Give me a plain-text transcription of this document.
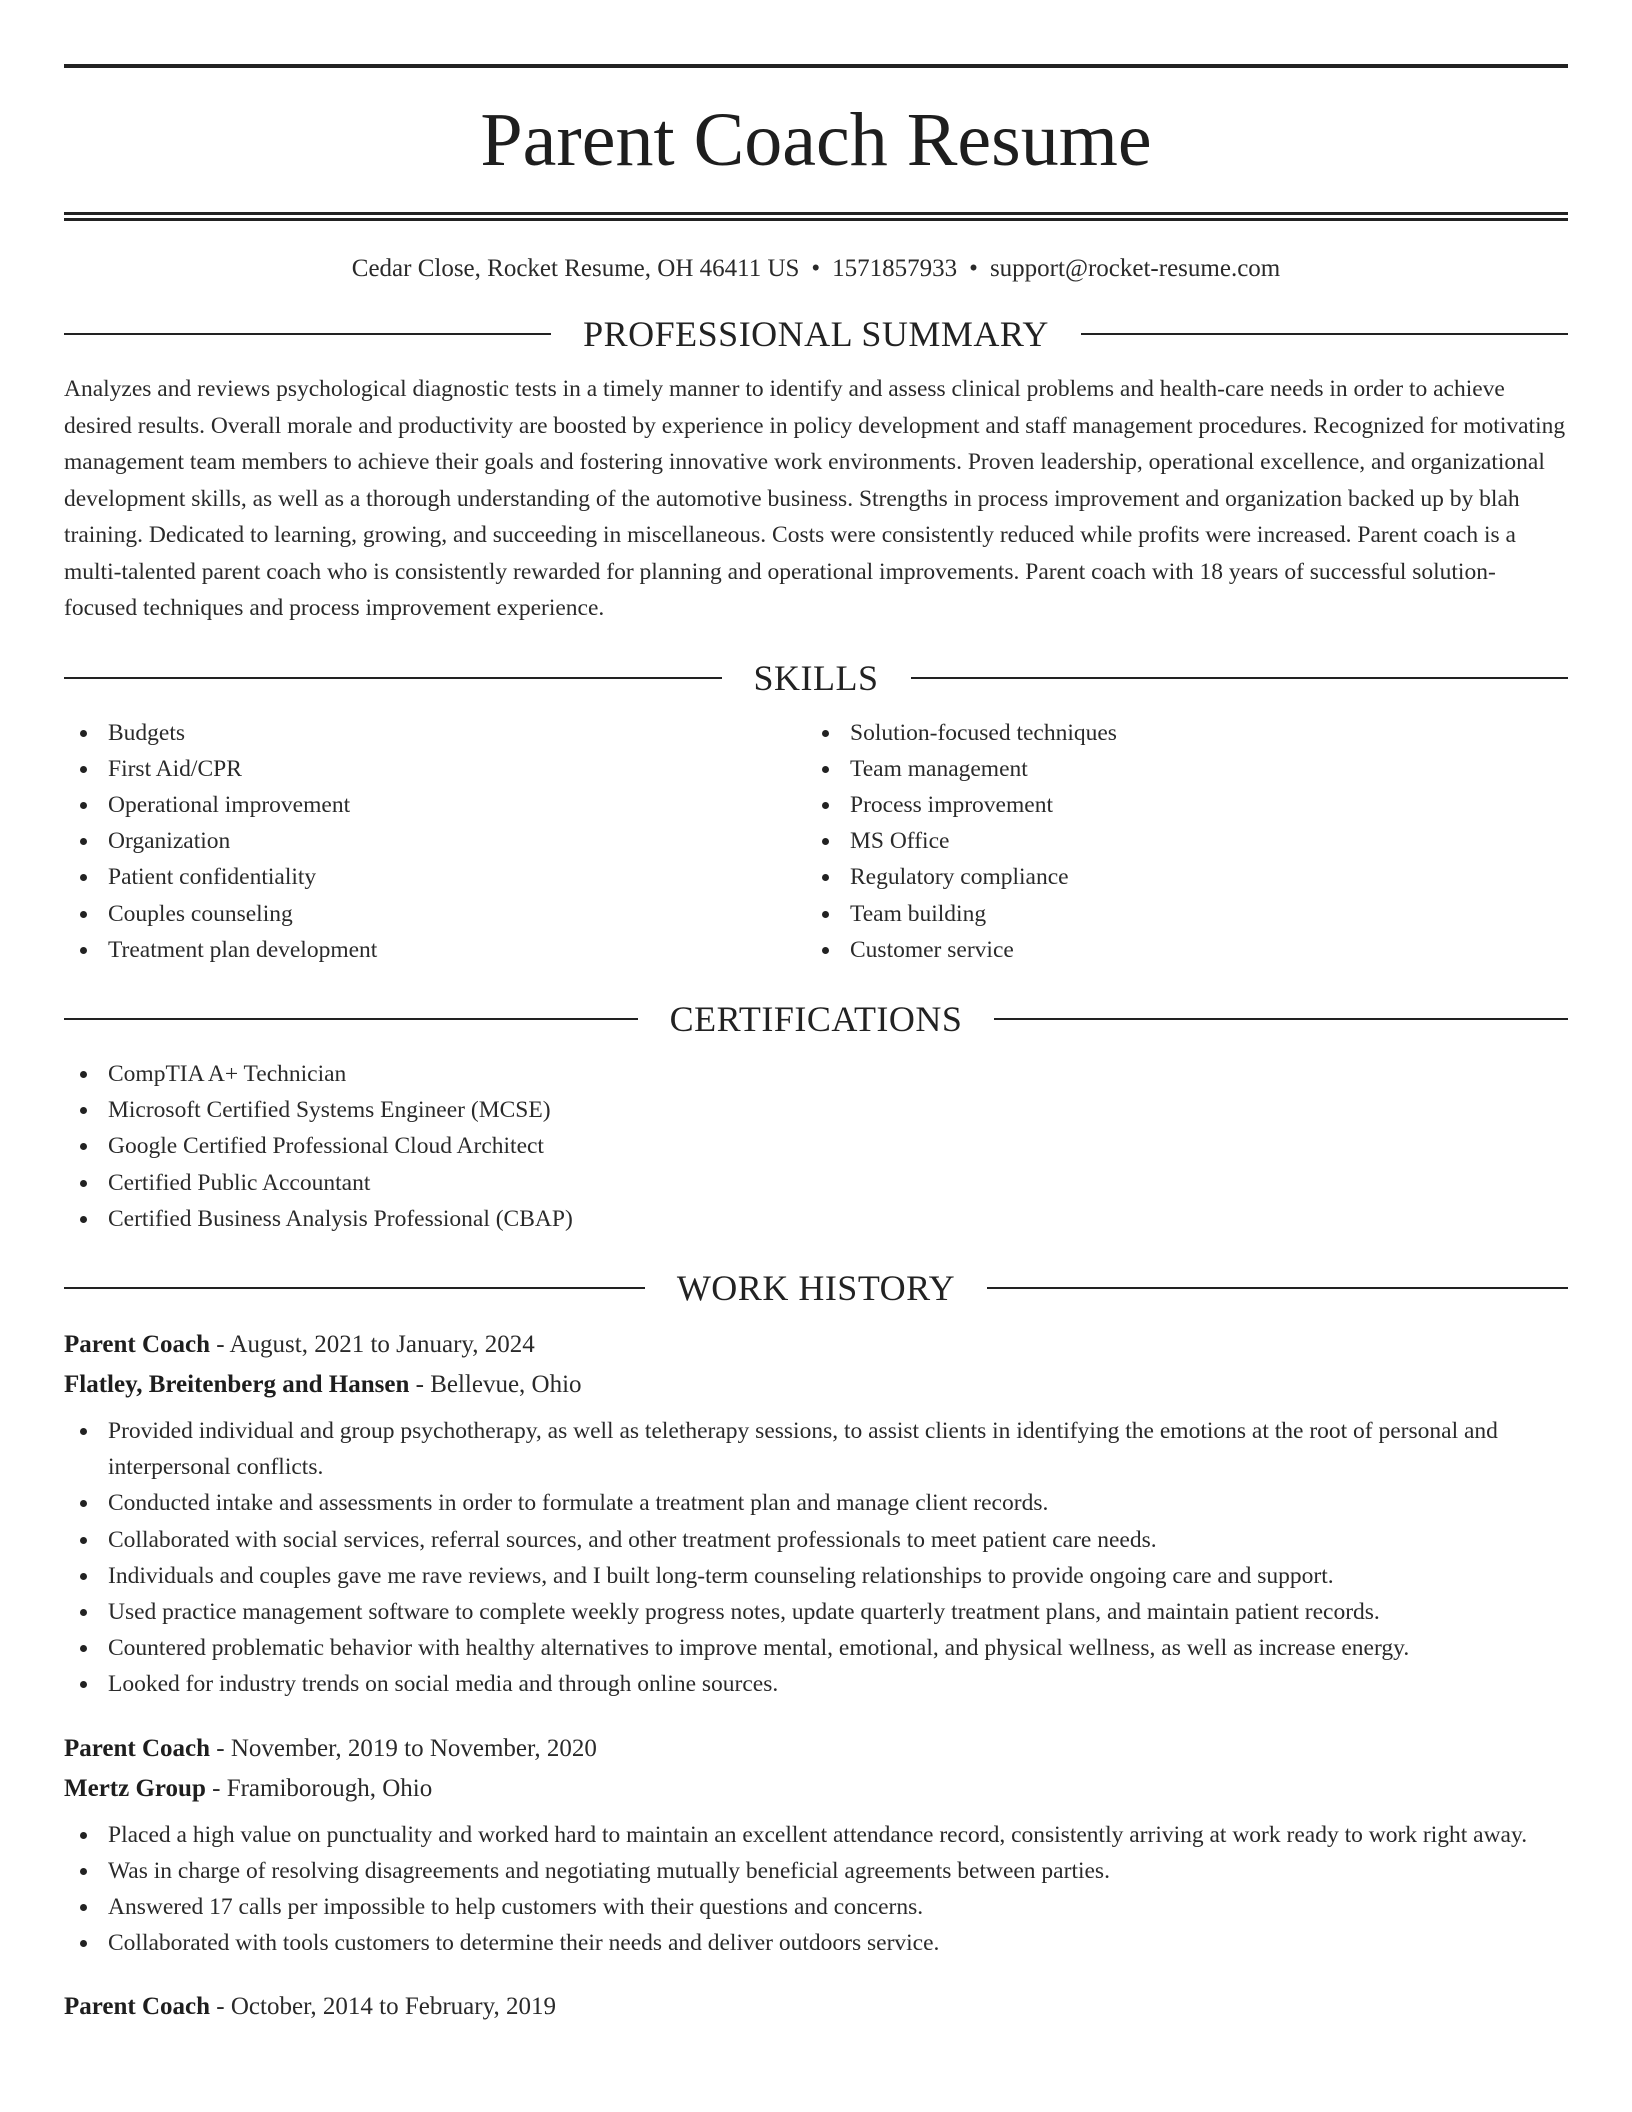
Parent Coach Resume
Cedar Close, Rocket Resume, OH 46411 US • 1571857933 • support@rocket-resume.com
PROFESSIONAL SUMMARY

Analyzes and reviews psychological diagnostic tests in a timely manner to identify and assess clinical problems and health-care needs in order to achieve desired results. Overall morale and productivity are boosted by experience in policy development and staff management procedures. Recognized for motivating management team members to achieve their goals and fostering innovative work environments. Proven leadership, operational excellence, and organizational development skills, as well as a thorough understanding of the automotive business. Strengths in process improvement and organization backed up by blah training. Dedicated to learning, growing, and succeeding in miscellaneous. Costs were consistently reduced while profits were increased. Parent coach is a multi-talented parent coach who is consistently rewarded for planning and operational improvements. Parent coach with 18 years of successful solution-focused techniques and process improvement experience.

SKILLS
Budgets
First Aid/CPR
Operational improvement
Organization
Patient confidentiality
Couples counseling
Treatment plan development
Solution-focused techniques
Team management
Process improvement
MS Office
Regulatory compliance
Team building
Customer service
CERTIFICATIONS
CompTIA A+ Technician
Microsoft Certified Systems Engineer (MCSE)
Google Certified Professional Cloud Architect
Certified Public Accountant
Certified Business Analysis Professional (CBAP)
WORK HISTORY
Parent Coach - August, 2021 to January, 2024
Flatley, Breitenberg and Hansen - Bellevue, Ohio
Provided individual and group psychotherapy, as well as teletherapy sessions, to assist clients in identifying the emotions at the root of personal and interpersonal conflicts.
Conducted intake and assessments in order to formulate a treatment plan and manage client records.
Collaborated with social services, referral sources, and other treatment professionals to meet patient care needs.
Individuals and couples gave me rave reviews, and I built long-term counseling relationships to provide ongoing care and support.
Used practice management software to complete weekly progress notes, update quarterly treatment plans, and maintain patient records.
Countered problematic behavior with healthy alternatives to improve mental, emotional, and physical wellness, as well as increase energy.
Looked for industry trends on social media and through online sources.
Parent Coach - November, 2019 to November, 2020
Mertz Group - Framiborough, Ohio
Placed a high value on punctuality and worked hard to maintain an excellent attendance record, consistently arriving at work ready to work right away.
Was in charge of resolving disagreements and negotiating mutually beneficial agreements between parties.
Answered 17 calls per impossible to help customers with their questions and concerns.
Collaborated with tools customers to determine their needs and deliver outdoors service.
Parent Coach - October, 2014 to February, 2019
